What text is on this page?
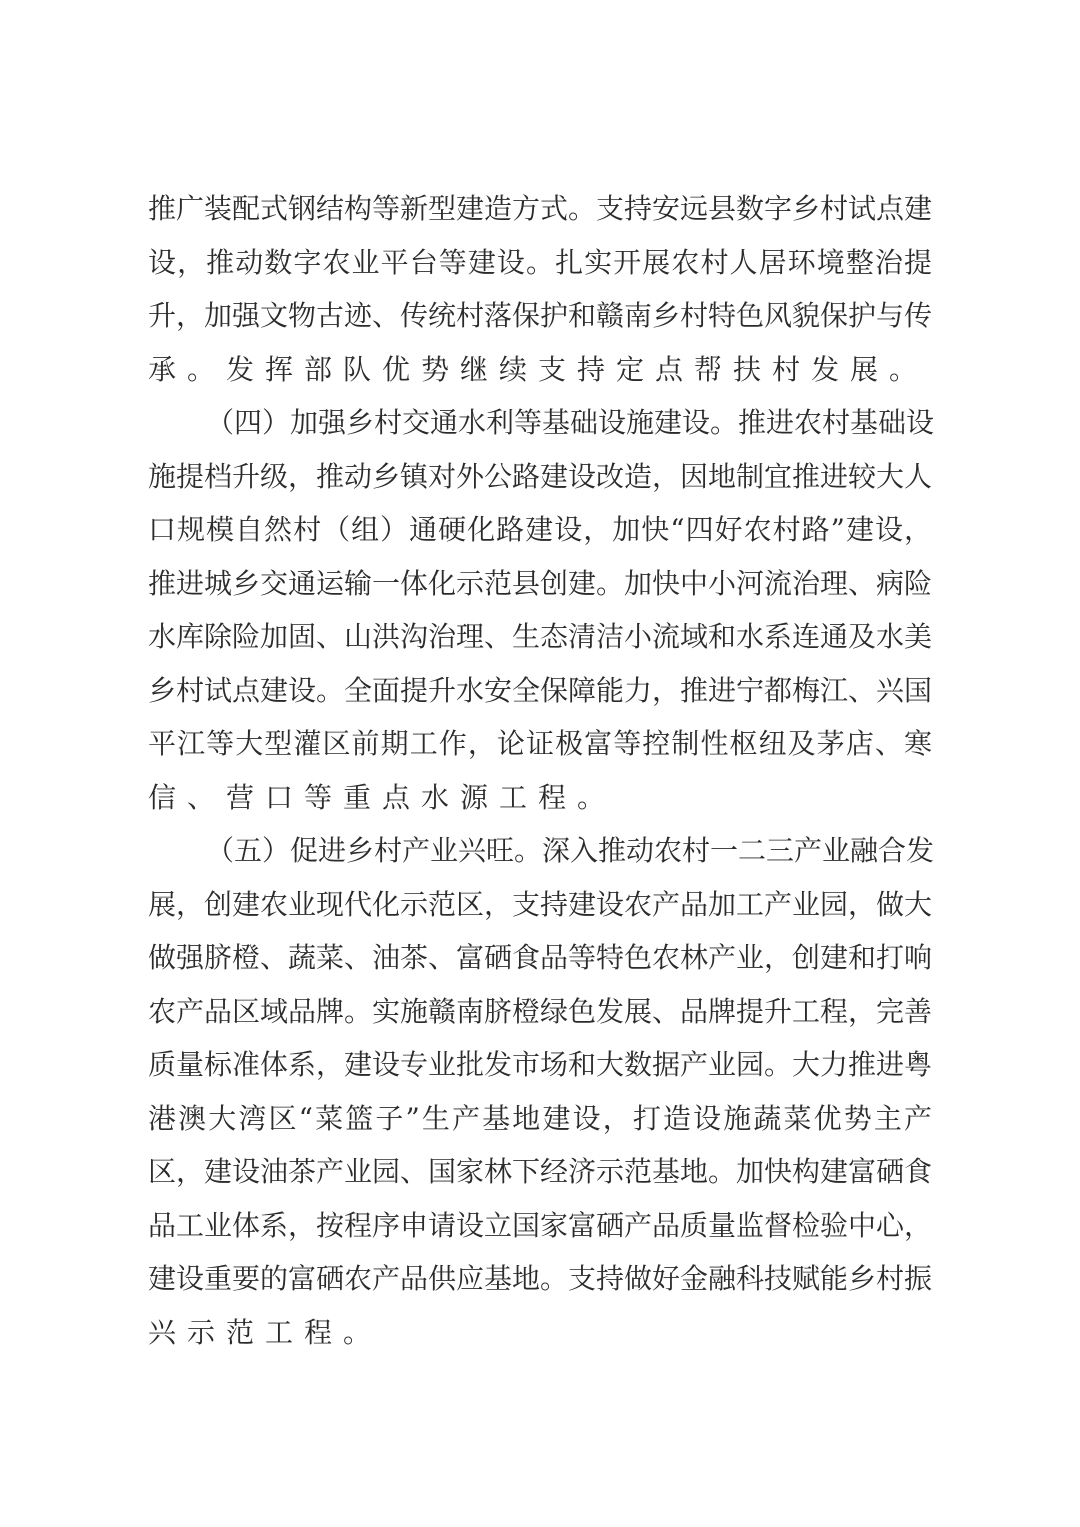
推广装配式钢结构等新型建造方式。支持安远县数字乡村试点建
设，推动数字农业平台等建设。扎实开展农村人居环境整治提
升，加强文物古迹、传统村落保护和赣南乡村特色风貌保护与传
承。发挥部队优势继续支持定点帮扶村发展。
（四）加强乡村交通水利等基础设施建设。推进农村基础设
施提档升级，推动乡镇对外公路建设改造，因地制宜推进较大人
口规模自然村（组）通硬化路建设，加快“四好农村路”建设，
推进城乡交通运输一体化示范县创建。加快中小河流治理、病险
水库除险加固、山洪沟治理、生态清洁小流域和水系连通及水美
乡村试点建设。全面提升水安全保障能力，推进宁都梅江、兴国
平江等大型灌区前期工作，论证极富等控制性枢纽及茅店、寒
信、营口等重点水源工程。
（五）促进乡村产业兴旺。深入推动农村一二三产业融合发
展，创建农业现代化示范区，支持建设农产品加工产业园，做大
做强脐橙、蔬菜、油茶、富硒食品等特色农林产业，创建和打响
农产品区域品牌。实施赣南脐橙绿色发展、品牌提升工程，完善
质量标准体系，建设专业批发市场和大数据产业园。大力推进粤
港澳大湾区“菜篮子”生产基地建设，打造设施蔬菜优势主产
区，建设油茶产业园、国家林下经济示范基地。加快构建富硒食
品工业体系，按程序申请设立国家富硒产品质量监督检验中心，
建设重要的富硒农产品供应基地。支持做好金融科技赋能乡村振
兴示范工程。
